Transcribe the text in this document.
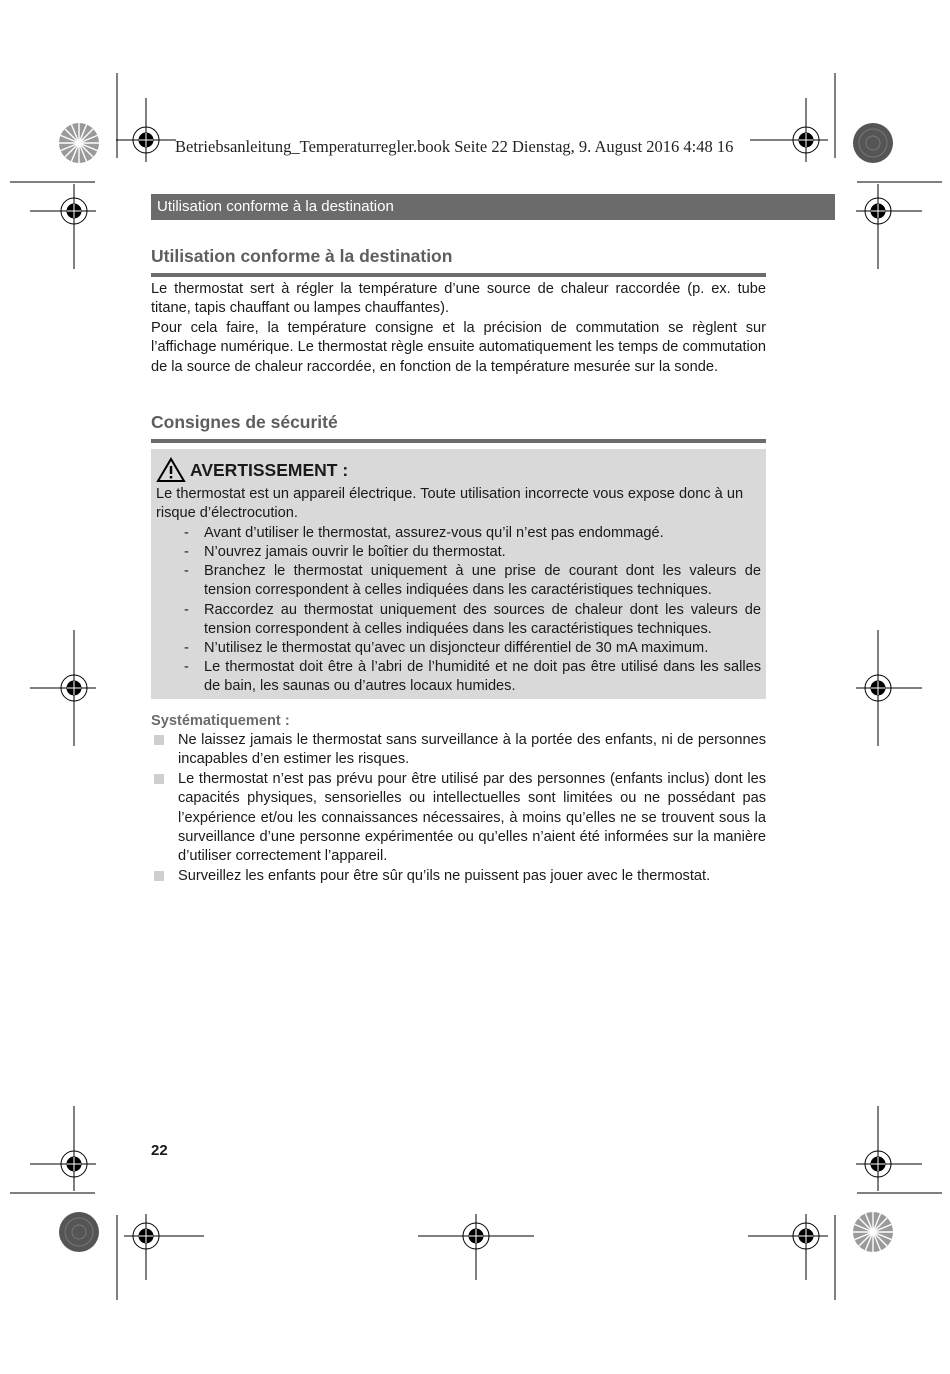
Betriebsanleitung_Temperaturregler.book Seite 22 Dienstag, 9. August 2016 4:48 16
Utilisation conforme à la destination
Utilisation conforme à la destination

Le thermostat sert à régler la température d’une source de chaleur raccordée (p. ex. tube titane, tapis chauffant ou lampes chauffantes).

Pour cela faire, la température consigne et la précision de commutation se règlent sur l’affichage numérique. Le thermostat règle ensuite automatiquement les temps de commutation de la source de chaleur raccordée, en fonction de la température mesurée sur la sonde.

Consignes de sécurité
AVERTISSEMENT :

Le thermostat est un appareil électrique. Toute utilisation incorrecte vous expose donc à un risque d’électrocution.

- Avant d’utiliser le thermostat, assurez-vous qu’il n’est pas endommagé.
- N’ouvrez jamais ouvrir le boîtier du thermostat.
- Branchez le thermostat uniquement à une prise de courant dont les valeurs de tension correspondent à celles indiquées dans les caractéristiques techniques.
- Raccordez au thermostat uniquement des sources de chaleur dont les valeurs de tension correspondent à celles indiquées dans les caractéristiques techniques.
- N’utilisez le thermostat qu’avec un disjoncteur différentiel de 30 mA maximum.
- Le thermostat doit être à l’abri de l’humidité et ne doit pas être utilisé dans les salles de bain, les saunas ou d’autres locaux humides.
Systématiquement :
Ne laissez jamais le thermostat sans surveillance à la portée des enfants, ni de personnes incapables d’en estimer les risques.
Le thermostat n’est pas prévu pour être utilisé par des personnes (enfants inclus) dont les capacités physiques, sensorielles ou intellectuelles sont limitées ou ne possédant pas l’expérience et/ou les connaissances nécessaires, à moins qu’elles ne se trouvent sous la surveillance d’une personne expérimentée ou qu’elles n’aient été informées sur la manière d’utiliser correctement l’appareil.
Surveillez les enfants pour être sûr qu’ils ne puissent pas jouer avec le thermostat.
22
